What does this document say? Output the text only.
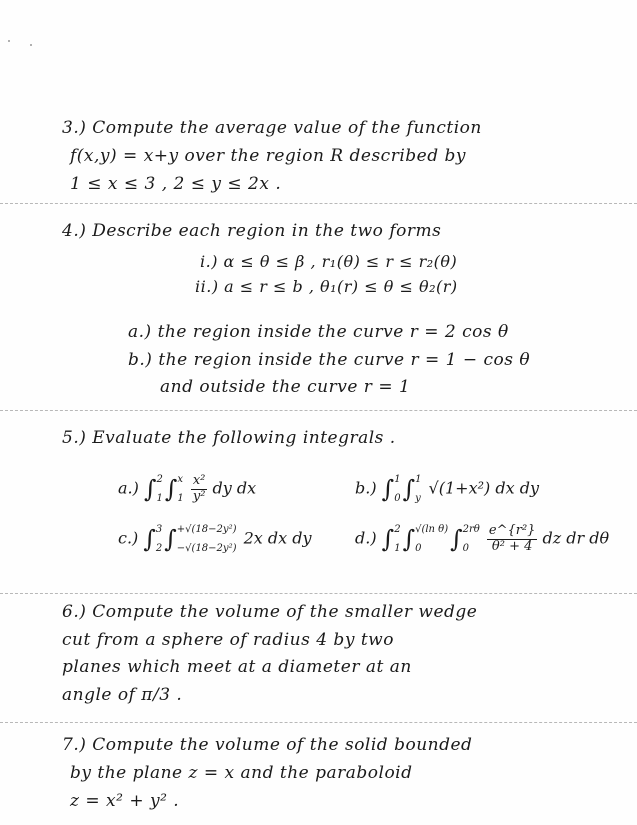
3.) Compute the average value of the function
f(x,y) = x+y over the region R described by
1 ≤ x ≤ 3 , 2 ≤ y ≤ 2x .
4.) Describe each region in the two forms
i.) α ≤ θ ≤ β , r₁(θ) ≤ r ≤ r₂(θ)
ii.) a ≤ r ≤ b , θ₁(r) ≤ θ ≤ θ₂(r)
a.) the region inside the curve r = 2 cos θ
b.) the region inside the curve r = 1 − cos θ
and outside the curve r = 1
5.) Evaluate the following integrals .
a.) ∫2
1∫x
$1 \frac{\text{x²}}{\text{y²}}$ dy dx	b.) ∫1
0∫1
y √(1+x²) dx dy
c.) ∫3
2∫+√(18−2y²)
−√(18−2y²) 2x dx dy	d.) ∫2
1∫√(ln θ)
0 ∫2rθ
$0 \frac{\text{e\textasciicircum{}\{r²\}}}{\text{θ² + 4}}$ dz dr dθ
6.) Compute the volume of the smaller wedge
cut from a sphere of radius 4 by two
planes which meet at a diameter at an
angle of π/3 .
7.) Compute the volume of the solid bounded
by the plane z = x and the paraboloid
z = x² + y² .
